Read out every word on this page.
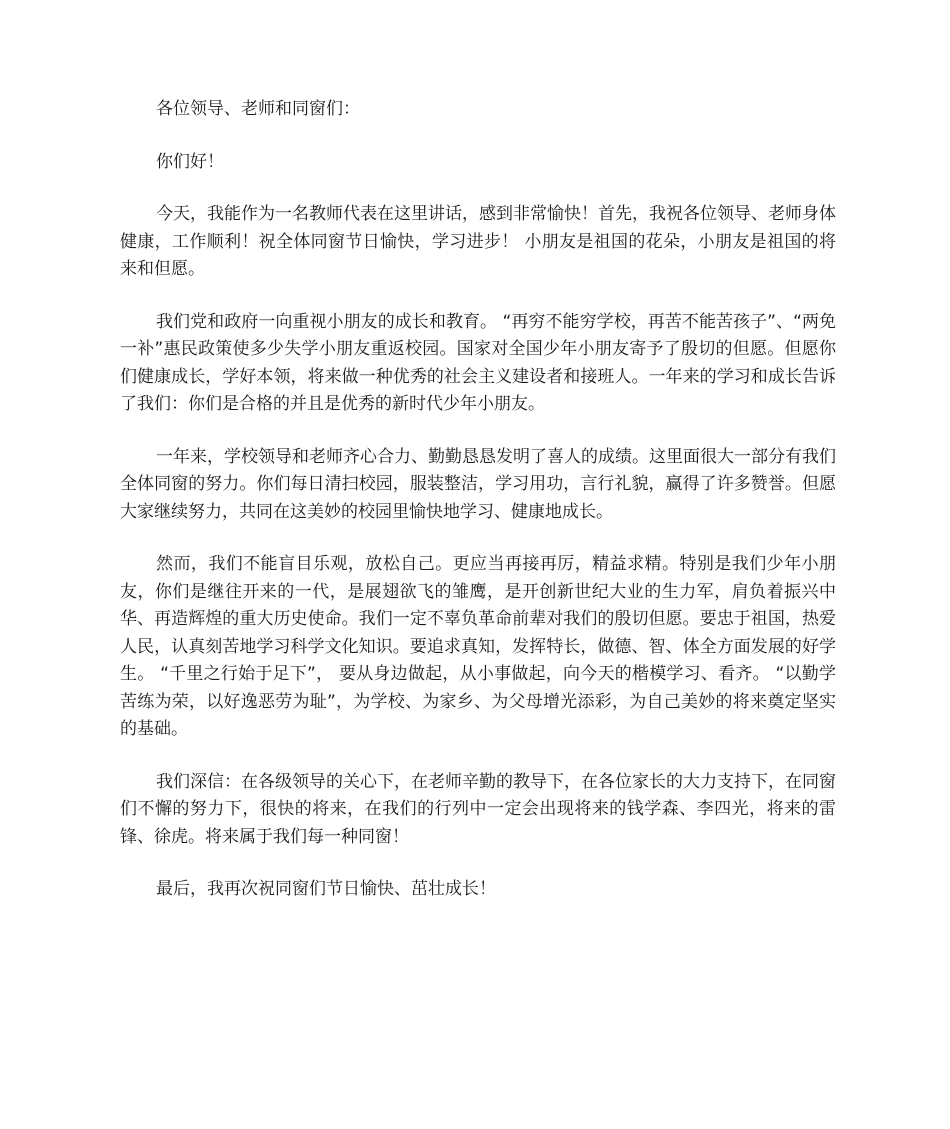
各位领导、老师和同窗们：

你们好！

今天，我能作为一名教师代表在这里讲话，感到非常愉快！首先，我祝各位领导、老师身体健康，工作顺利！祝全体同窗节日愉快，学习进步！ 小朋友是祖国的花朵，小朋友是祖国的将来和但愿。

我们党和政府一向重视小朋友的成长和教育。 “再穷不能穷学校，再苦不能苦孩子”、“两免一补”惠民政策使多少失学小朋友重返校园。国家对全国少年小朋友寄予了殷切的但愿。但愿你们健康成长，学好本领，将来做一种优秀的社会主义建设者和接班人。一年来的学习和成长告诉了我们：你们是合格的并且是优秀的新时代少年小朋友。

一年来，学校领导和老师齐心合力、勤勤恳恳发明了喜人的成绩。这里面很大一部分有我们全体同窗的努力。你们每日清扫校园，服装整洁，学习用功，言行礼貌，赢得了许多赞誉。但愿大家继续努力，共同在这美妙的校园里愉快地学习、健康地成长。

然而，我们不能盲目乐观，放松自己。更应当再接再厉，精益求精。特别是我们少年小朋友，你们是继往开来的一代，是展翅欲飞的雏鹰，是开创新世纪大业的生力军，肩负着振兴中华、再造辉煌的重大历史使命。我们一定不辜负革命前辈对我们的殷切但愿。要忠于祖国，热爱人民，认真刻苦地学习科学文化知识。要追求真知，发挥特长，做德、智、体全方面发展的好学生。 “千里之行始于足下”， 要从身边做起，从小事做起，向今天的楷模学习、看齐。 “以勤学苦练为荣，以好逸恶劳为耻”，为学校、为家乡、为父母增光添彩，为自己美妙的将来奠定坚实的基础。

我们深信：在各级领导的关心下，在老师辛勤的教导下，在各位家长的大力支持下，在同窗们不懈的努力下，很快的将来，在我们的行列中一定会出现将来的钱学森、李四光，将来的雷锋、徐虎。将来属于我们每一种同窗！

最后，我再次祝同窗们节日愉快、茁壮成长！
